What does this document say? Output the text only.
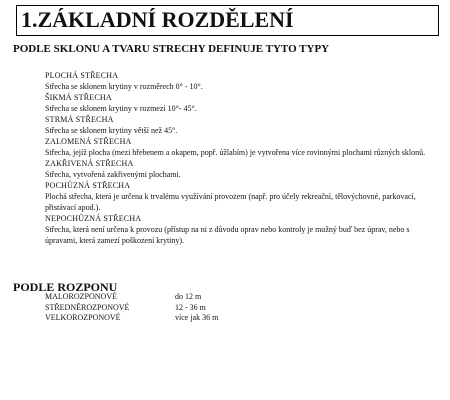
1.ZÁKLADNÍ ROZDĚLENÍ
PODLE SKLONU A TVARU STRECHY DEFINUJE TYTO TYPY
PLOCHÁ STŘECHA
Střecha se sklonem krytiny v rozměrech 0° - 10°.
ŠIKMÁ STŘECHA
Střecha se sklonem krytiny v rozmezí 10°- 45°.
STRMÁ STŘECHA
Střecha se sklonem krytiny větší než 45°.
ZALOMENÁ STŘECHA
Střecha, jejíž plocha (mezi hřebenem a okapem, popř. úžlabím) je vytvořena více rovinnými plochami různých sklonů.
ZAKŘIVENÁ STŘECHA
Střecha, vytvořená zakřivenými plochami.
POCHŮZNÁ STŘECHA
Plochá střecha, která je určena k trvalému využívání provozem (např. pro účely rekreační, tělovýchovné, parkovací, přistávací apod.).
NEPOCHŮZNÁ STŘECHA
Střecha, která není určena k provozu (přístup na ni z důvodu oprav nebo kontroly je možný buď bez úprav, nebo s úpravami, která zamezí poškození krytiny).
PODLE ROZPONU
MALOROZPONOVÉ	do 12 m
STŘEDNĚROZPONOVÉ	12 - 36 m
VELKOROZPONOVÉ	více jak 36 m
